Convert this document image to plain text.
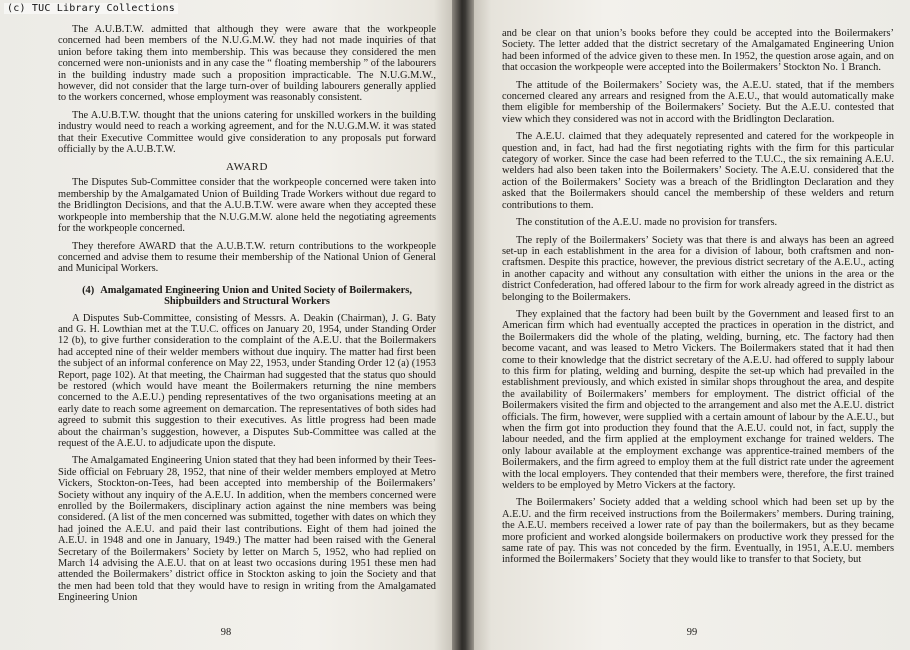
(c) TUC Library Collections

The A.U.B.T.W. admitted that although they were aware that the workpeople concerned had been members of the N.U.G.M.W. they had not made inquiries of that union before taking them into membership. This was because they considered the men concerned were non-unionists and in any case the “ floating membership ” of the labourers in the building industry made such a proposition impracticable. The N.U.G.M.W., however, did not consider that the large turn-over of building labourers generally applied to the workers concerned, whose employment was reasonably consistent.

The A.U.B.T.W. thought that the unions catering for unskilled workers in the building industry would need to reach a working agreement, and for the N.U.G.M.W. it was stated that their Executive Committee would give consideration to any proposals put forward officially by the A.U.B.T.W.

AWARD

The Disputes Sub-Committee consider that the workpeople concerned were taken into membership by the Amalgamated Union of Building Trade Workers without due regard to the Bridlington Decisions, and that the A.U.B.T.W. were aware when they accepted these workpeople into membership that the N.U.G.M.W. alone held the negotiating agreements for the workpeople concerned.

They therefore AWARD that the A.U.B.T.W. return contributions to the workpeople concerned and advise them to resume their membership of the National Union of General and Municipal Workers.

(4) Amalgamated Engineering Union and United Society of Boilermakers, Shipbuilders and Structural Workers

A Disputes Sub-Committee, consisting of Messrs. A. Deakin (Chairman), J. G. Baty and G. H. Lowthian met at the T.U.C. offices on January 20, 1954, under Standing Order 12 (b), to give further consideration to the complaint of the A.E.U. that the Boilermakers had accepted nine of their welder members without due inquiry. The matter had first been the subject of an informal conference on May 22, 1953, under Standing Order 12 (a) (1953 Report, page 102). At that meeting, the Chairman had suggested that the status quo should be restored (which would have meant the Boilermakers returning the nine members concerned to the A.E.U.) pending representatives of the two organisations meeting at an early date to reach some agreement on demarcation. The representatives of both sides had agreed to submit this suggestion to their executives. As little progress had been made about the chairman’s suggestion, however, a Disputes Sub-Committee was called at the request of the A.E.U. to adjudicate upon the dispute.

The Amalgamated Engineering Union stated that they had been informed by their Tees-Side official on February 28, 1952, that nine of their welder members employed at Metro Vickers, Stockton-on-Tees, had been accepted into membership of the Boilermakers’ Society without any inquiry of the A.E.U. In addition, when the members concerned were enrolled by the Boilermakers, disciplinary action against the nine members was being considered. (A list of the men concerned was submitted, together with dates on which they had joined the A.E.U. and paid their last contributions. Eight of them had joined the A.E.U. in 1948 and one in January, 1949.) The matter had been raised with the General Secretary of the Boilermakers’ Society by letter on March 5, 1952, who had replied on March 14 advising the A.E.U. that on at least two occasions during 1951 these men had attended the Boilermakers’ district office in Stockton asking to join the Society and that the men had been told that they would have to resign in writing from the Amalgamated Engineering Union

98

and be clear on that union’s books before they could be accepted into the Boilermakers’ Society. The letter added that the district secretary of the Amalgamated Engineering Union had been informed of the advice given to these men. In 1952, the question arose again, and on that occasion the workpeople were accepted into the Boilermakers’ Stockton No. 1 Branch.

The attitude of the Boilermakers’ Society was, the A.E.U. stated, that if the members concerned cleared any arrears and resigned from the A.E.U., that would automatically make them eligible for membership of the Boilermakers’ Society. But the A.E.U. contested that view which they considered was not in accord with the Bridlington Declaration.

The A.E.U. claimed that they adequately represented and catered for the workpeople in question and, in fact, had had the first negotiating rights with the firm for this particular category of worker. Since the case had been referred to the T.U.C., the six remaining A.E.U. welders had also been taken into the Boilermakers’ Society. The A.E.U. considered that the action of the Boilermakers’ Society was a breach of the Bridlington Declaration and they asked that the Boilermakers should cancel the membership of these welders and return contributions to them.

The constitution of the A.E.U. made no provision for transfers.

The reply of the Boilermakers’ Society was that there is and always has been an agreed set-up in each establishment in the area for a division of labour, both craftsmen and non-craftsmen. Despite this practice, however, the previous district secretary of the A.E.U., acting in another capacity and without any consultation with either the unions in the area or the district Confederation, had offered labour to the firm for work already agreed in the district as belonging to the Boilermakers.

They explained that the factory had been built by the Government and leased first to an American firm which had eventually accepted the practices in operation in the district, and the Boilermakers did the whole of the plating, welding, burning, etc. The factory had then become vacant, and was leased to Metro Vickers. The Boilermakers stated that it had then come to their knowledge that the district secretary of the A.E.U. had offered to supply labour to this firm for plating, welding and burning, despite the set-up which had prevailed in the establishment previously, and which existed in similar shops throughout the area, and despite the availability of Boilermakers’ members for employment. The district official of the Boilermakers visited the firm and objected to the arrangement and also met the A.E.U. district officials. The firm, however, were supplied with a certain amount of labour by the A.E.U., but when the firm got into production they found that the A.E.U. could not, in fact, supply the labour needed, and the firm applied at the employment exchange for trained welders. The only labour available at the employment exchange was apprentice-trained members of the Boilermakers, and the firm agreed to employ them at the full district rate under the agreement with the local employers. They contended that their members were, therefore, the first trained welders to be employed by Metro Vickers at the factory.

The Boilermakers’ Society added that a welding school which had been set up by the A.E.U. and the firm received instructions from the Boilermakers’ members. During training, the A.E.U. members received a lower rate of pay than the boilermakers, but as they became more proficient and worked alongside boilermakers on productive work they pressed for the same rate of pay. This was not conceded by the firm. Eventually, in 1951, A.E.U. members informed the Boilermakers’ Society that they would like to transfer to that Society, but

99
